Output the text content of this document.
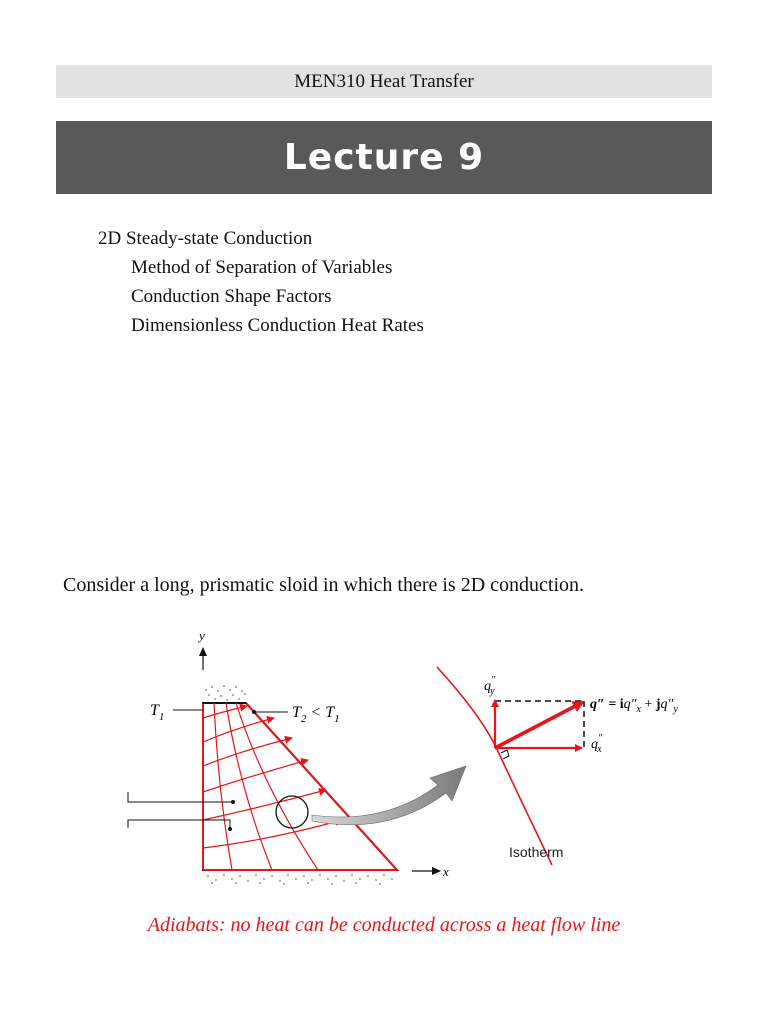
MEN310 Heat Transfer
Lecture 9
2D Steady-state Conduction
Method of Separation of Variables
Conduction Shape Factors
Dimensionless Conduction Heat Rates
Consider a long, prismatic sloid in which there is 2D conduction.
y
$T_1$	$T_2 < T_1$
x
q″ y
q″ x
$q'' = iq''_x + jq''_y$
Isotherm
Adiabats: no heat can be conducted across a heat flow line
